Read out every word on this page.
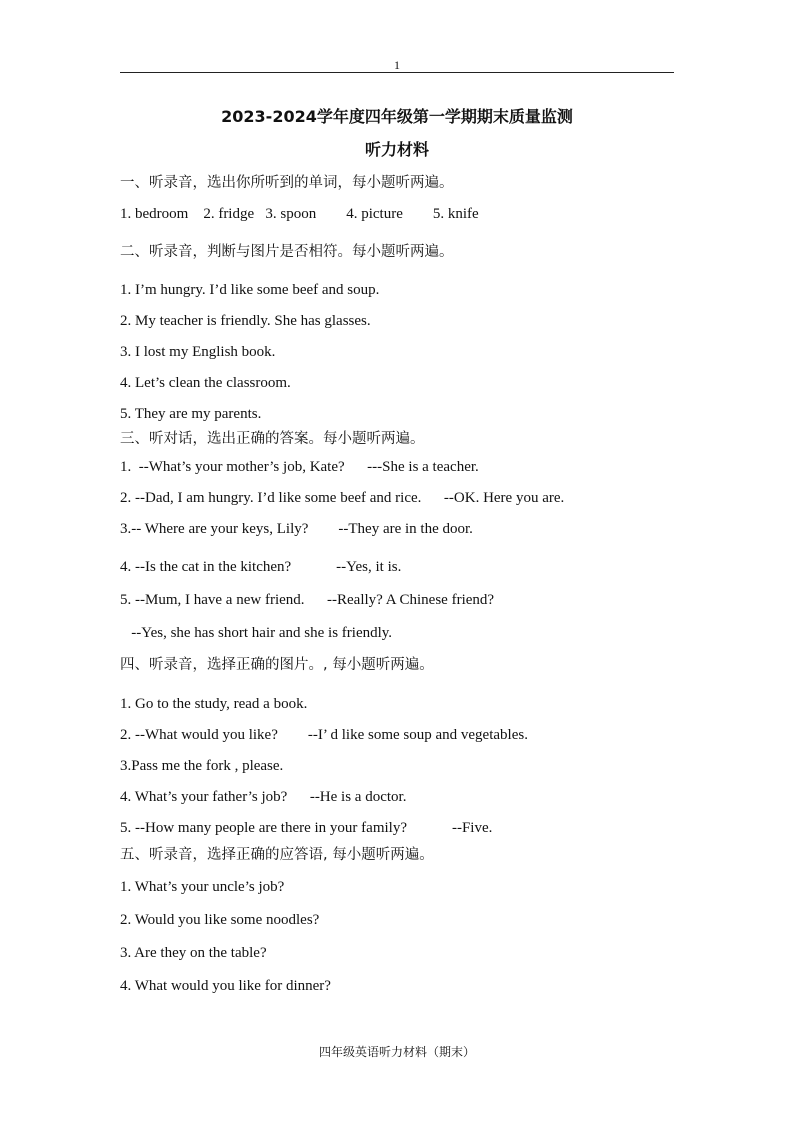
1
2023-2024学年度四年级第一学期期末质量监测
听力材料
一、听录音，选出你所听到的单词，每小题听两遍。
1. bedroom    2. fridge   3. spoon        4. picture        5. knife
二、听录音，判断与图片是否相符。每小题听两遍。
1. I’m hungry. I’d like some beef and soup.
2. My teacher is friendly. She has glasses.
3. I lost my English book.
4. Let’s clean the classroom.
5. They are my parents.
三、听对话，选出正确的答案。每小题听两遍。
1.  --What’s your mother’s job, Kate?      ---She is a teacher.
2. --Dad, I am hungry. I’d like some beef and rice.      --OK. Here you are.
3.-- Where are your keys, Lily?        --They are in the door.
4. --Is the cat in the kitchen?            --Yes, it is.
5. --Mum, I have a new friend.      --Really? A Chinese friend?
--Yes, she has short hair and she is friendly.
四、听录音，选择正确的图片。, 每小题听两遍。
1. Go to the study, read a book.
2. --What would you like?        --I’ d like some soup and vegetables.
3.Pass me the fork , please.
4. What’s your father’s job?      --He is a doctor.
5. --How many people are there in your family?            --Five.
五、听录音，选择正确的应答语, 每小题听两遍。
1. What’s your uncle’s job?
2. Would you like some noodles?
3. Are they on the table?
4. What would you like for dinner?
四年级英语听力材料（期末）
